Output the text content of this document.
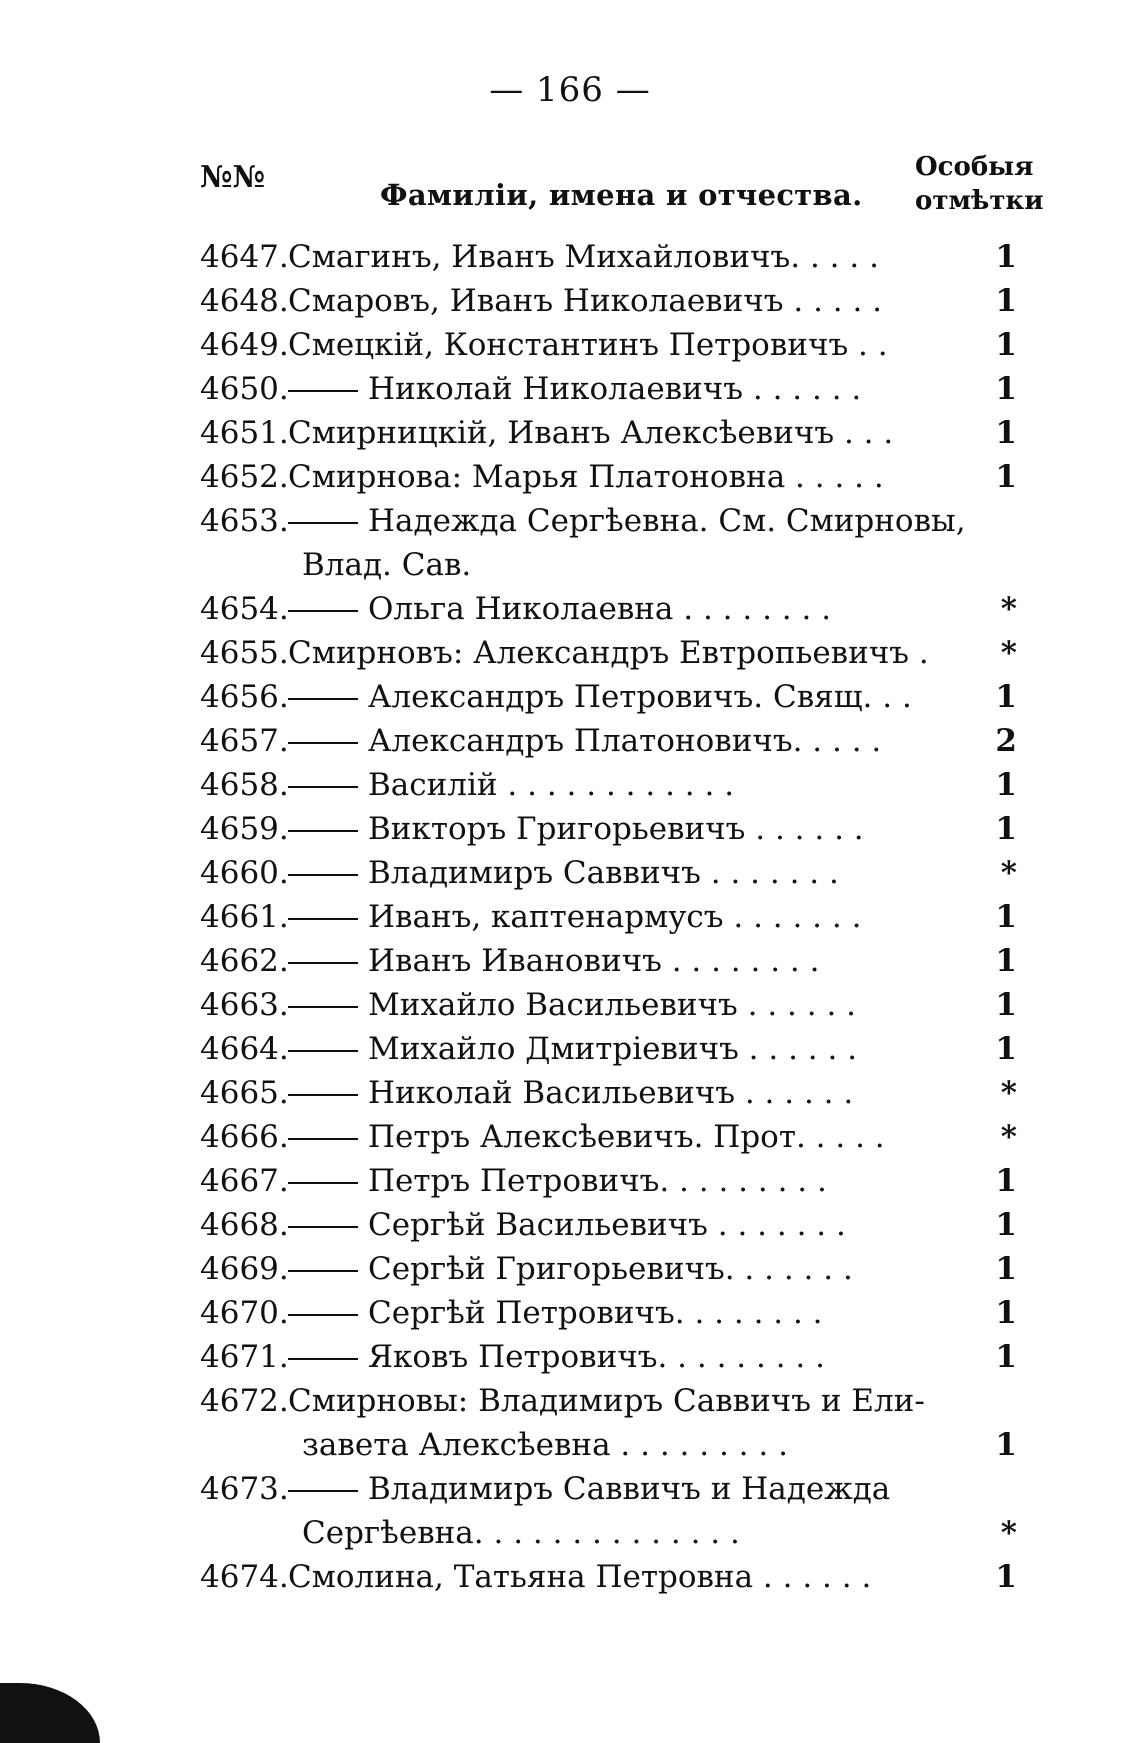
— 166 —
№№	Фамиліи, имена и отчества.
Особыя
отмѣтки
4647. Смагинъ, Иванъ Михайловичъ. . . . .	1
4648. Смаровъ, Иванъ Николаевичъ . . . . .	1
4649. Смецкій, Константинъ Петровичъ . .	1
4650.	Николай Николаевичъ . . . . . .	1
4651. Смирницкій, Иванъ Алексѣевичъ . . .	1
4652. Смирнова: Марья Платоновна . . . . .	1
4653.	Надежда Сергѣевна. См. Смирновы,
Влад. Сав.
4654.	Ольга Николаевна . . . . . . . .	*
4655. Смирновъ: Александръ Евтропьевичъ .	*
4656.	Александръ Петровичъ. Свящ. . .	1
4657.	Александръ Платоновичъ. . . . .	2
4658.	Василій . . . . . . . . . . . .	1
4659.	Викторъ Григорьевичъ . . . . . .	1
4660.	Владимиръ Саввичъ . . . . . . .	*
4661.	Иванъ, каптенармусъ . . . . . . .	1
4662.	Иванъ Ивановичъ . . . . . . . .	1
4663.	Михайло Васильевичъ . . . . . .	1
4664.	Михайло Дмитріевичъ . . . . . .	1
4665.	Николай Васильевичъ . . . . . .	*
4666.	Петръ Алексѣевичъ. Прот. . . . .	*
4667.	Петръ Петровичъ. . . . . . . . .	1
4668.	Сергѣй Васильевичъ . . . . . . .	1
4669.	Сергѣй Григорьевичъ. . . . . . .	1
4670.	Сергѣй Петровичъ. . . . . . . .	1
4671.	Яковъ Петровичъ. . . . . . . . .	1
4672. Смирновы: Владимиръ Саввичъ и Ели-
завета Алексѣевна . . . . . . . . .	1
4673.	Владимиръ Саввичъ и Надежда
Сергѣевна. . . . . . . . . . . . . .	*
4674. Смолина, Татьяна Петровна . . . . . .	1
